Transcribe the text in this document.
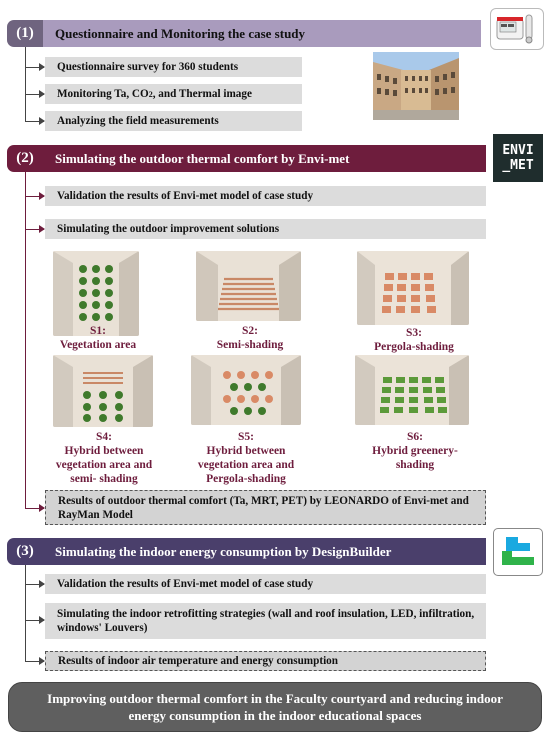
(1)	Questionnaire and Monitoring the case study
Questionnaire survey for 360 students
Monitoring Ta, CO 2 , and Thermal image
Analyzing the field measurements
(2)	Simulating the outdoor thermal comfort by Envi-met	ENVI
_MET
Validation the results of Envi-met model of case study
Simulating the outdoor improvement solutions
S1:
Vegetation area
S2:
Semi-shading
S3:
Pergola-shading
S4:
Hybrid between vegetation area and semi- shading
S5:
Hybrid between vegetation area and Pergola-shading
S6:
Hybrid greenery-shading
Results of outdoor thermal comfort (Ta, MRT, PET) by LEONARDO of Envi-met and RayMan Model
(3)	Simulating the indoor energy consumption by DesignBuilder
Validation the results of Envi-met model of case study
Simulating the indoor retrofitting strategies (wall and roof insulation, LED, infiltration, windows' Louvers)
Results of indoor air temperature and energy consumption
Improving outdoor thermal comfort in the Faculty courtyard and reducing indoor energy consumption in the indoor educational spaces
